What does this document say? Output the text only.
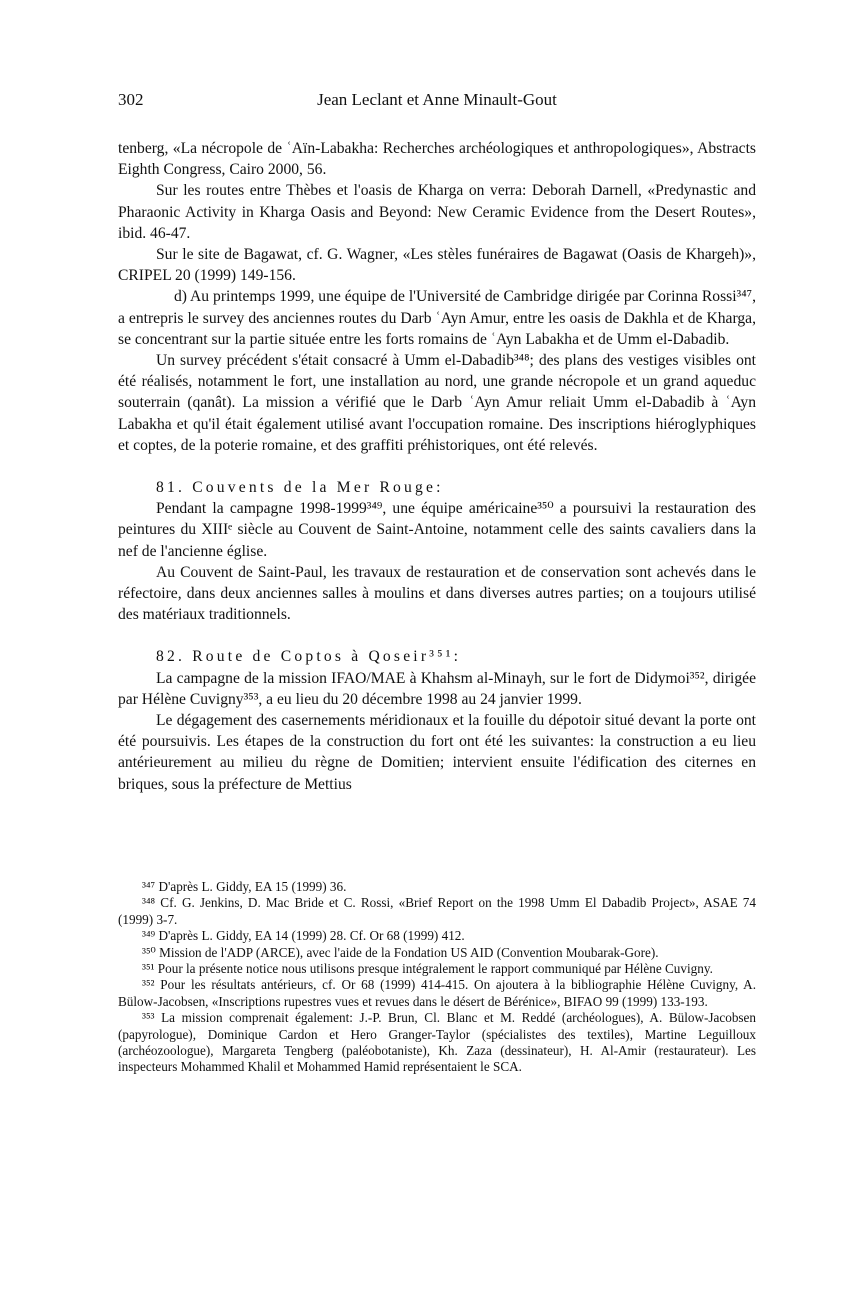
302	Jean Leclant et Anne Minault-Gout

tenberg, «La nécropole de ʿAïn-Labakha: Recherches archéologiques et anthropologiques», Abstracts Eighth Congress, Cairo 2000, 56.

Sur les routes entre Thèbes et l'oasis de Kharga on verra: Deborah Darnell, «Predynastic and Pharaonic Activity in Kharga Oasis and Beyond: New Ceramic Evidence from the Desert Routes», ibid. 46-47.

Sur le site de Bagawat, cf. G. Wagner, «Les stèles funéraires de Bagawat (Oasis de Khargeh)», CRIPEL 20 (1999) 149-156.

d) Au printemps 1999, une équipe de l'Université de Cambridge dirigée par Corinna Rossi³⁴⁷, a entrepris le survey des anciennes routes du Darb ʿAyn Amur, entre les oasis de Dakhla et de Kharga, se concentrant sur la partie située entre les forts romains de ʿAyn Labakha et de Umm el-Dabadib.

Un survey précédent s'était consacré à Umm el-Dabadib³⁴⁸; des plans des vestiges visibles ont été réalisés, notamment le fort, une installation au nord, une grande nécropole et un grand aqueduc souterrain (qanât). La mission a vérifié que le Darb ʿAyn Amur reliait Umm el-Dabadib à ʿAyn Labakha et qu'il était également utilisé avant l'occupation romaine. Des inscriptions hiéroglyphiques et coptes, de la poterie romaine, et des graffiti préhistoriques, ont été relevés.

81. Couvents de la Mer Rouge:

Pendant la campagne 1998-1999³⁴⁹, une équipe américaine³⁵⁰ a poursuivi la restauration des peintures du XIIIᵉ siècle au Couvent de Saint-Antoine, notamment celle des saints cavaliers dans la nef de l'ancienne église.

Au Couvent de Saint-Paul, les travaux de restauration et de conservation sont achevés dans le réfectoire, dans deux anciennes salles à moulins et dans diverses autres parties; on a toujours utilisé des matériaux traditionnels.

82. Route de Coptos à Qoseir³⁵¹:

La campagne de la mission IFAO/MAE à Khahsm al-Minayh, sur le fort de Didymoi³⁵², dirigée par Hélène Cuvigny³⁵³, a eu lieu du 20 décembre 1998 au 24 janvier 1999.

Le dégagement des casernements méridionaux et la fouille du dépotoir situé devant la porte ont été poursuivis. Les étapes de la construction du fort ont été les suivantes: la construction a eu lieu antérieurement au milieu du règne de Domitien; intervient ensuite l'édification des citernes en briques, sous la préfecture de Mettius

³⁴⁷ D'après L. Giddy, EA 15 (1999) 36.

³⁴⁸ Cf. G. Jenkins, D. Mac Bride et C. Rossi, «Brief Report on the 1998 Umm El Dabadib Project», ASAE 74 (1999) 3-7.

³⁴⁹ D'après L. Giddy, EA 14 (1999) 28. Cf. Or 68 (1999) 412.

³⁵⁰ Mission de l'ADP (ARCE), avec l'aide de la Fondation US AID (Convention Moubarak-Gore).

³⁵¹ Pour la présente notice nous utilisons presque intégralement le rapport communiqué par Hélène Cuvigny.

³⁵² Pour les résultats antérieurs, cf. Or 68 (1999) 414-415. On ajoutera à la bibliographie Hélène Cuvigny, A. Bülow-Jacobsen, «Inscriptions rupestres vues et revues dans le désert de Bérénice», BIFAO 99 (1999) 133-193.

³⁵³ La mission comprenait également: J.-P. Brun, Cl. Blanc et M. Reddé (archéologues), A. Bülow-Jacobsen (papyrologue), Dominique Cardon et Hero Granger-Taylor (spécialistes des textiles), Martine Leguilloux (archéozoologue), Margareta Tengberg (paléobotaniste), Kh. Zaza (dessinateur), H. Al-Amir (restaurateur). Les inspecteurs Mohammed Khalil et Mohammed Hamid représentaient le SCA.
